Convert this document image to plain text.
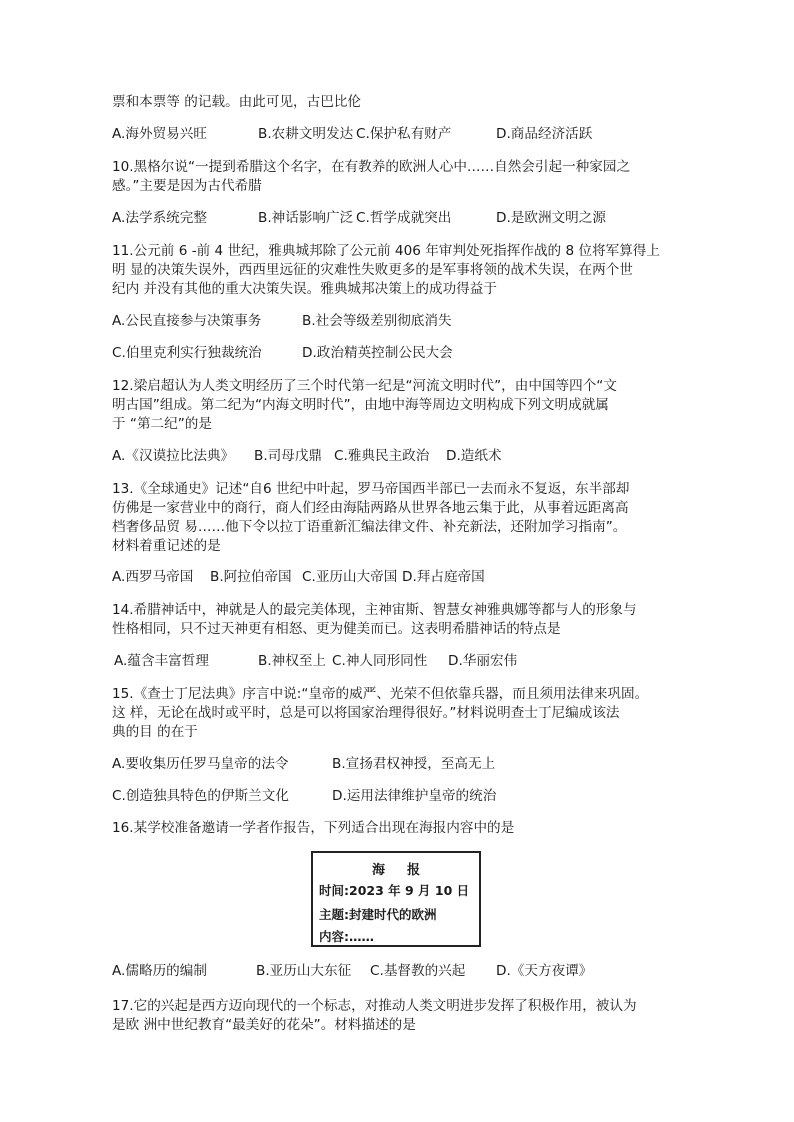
票和本票等 的记载。由此可见，古巴比伦
A.海外贸易兴旺	B.农耕文明发达 C.保护私有财产	D.商品经济活跃
10.黑格尔说“一提到希腊这个名字，在有教养的欧洲人心中……自然会引起一种家园之
感。”主要是因为古代希腊
A.法学系统完整	B.神话影响广泛 C.哲学成就突出	D.是欧洲文明之源
11.公元前 6 -前 4 世纪，雅典城邦除了公元前 406 年审判处死指挥作战的 8 位将军算得上
明 显的决策失误外，西西里远征的灾难性失败更多的是军事将领的战术失误，在两个世
纪内 并没有其他的重大决策失误。雅典城邦决策上的成功得益于
A.公民直接参与决策事务	B.社会等级差别彻底消失
C.伯里克利实行独裁统治	D.政治精英控制公民大会
12.梁启超认为人类文明经历了三个时代第一纪是“河流文明时代”，由中国等四个“文
明古国”组成。第二纪为“内海文明时代”，由地中海等周边文明构成下列文明成就属
于 “第二纪”的是
A.《汉谟拉比法典》 B.司母戊鼎 C.雅典民主政治 D.造纸术
13.《全球通史》记述“自6 世纪中叶起，罗马帝国西半部已一去而永不复返，东半部却
仿佛是一家营业中的商行，商人们经由海陆两路从世界各地云集于此，从事着远距离高
档奢侈品贸 易……他下令以拉丁语重新汇编法律文件、补充新法，还附加学习指南”。
材料着重记述的是
A.西罗马帝国 B.阿拉伯帝国 C.亚历山大帝国 D.拜占庭帝国
14.希腊神话中，神就是人的最完美体现，主神宙斯、智慧女神雅典娜等都与人的形象与
性格相同，只不过天神更有相怒、更为健美而已。这表明希腊神话的特点是
A.蕴含丰富哲理	B.神权至上 C.神人同形同性 D.华丽宏伟
15.《查士丁尼法典》序言中说:“皇帝的威严、光荣不但依靠兵器，而且须用法律来巩固。
这 样，无论在战时或平时，总是可以将国家治理得很好。”材料说明查士丁尼编成该法
典的目 的在于
A.要收集历任罗马皇帝的法令	B.宣扬君权神授，至高无上
C.创造独具特色的伊斯兰文化	D.运用法律维护皇帝的统治
16.某学校准备邀请一学者作报告，下列适合出现在海报内容中的是
海报
时间:2023 年 9 月 10 日
主题:封建时代的欧洲
内容:……
A.儒略历的编制	B.亚历山大东征 C.基督教的兴起 D.《天方夜谭》
17.它的兴起是西方迈向现代的一个标志，对推动人类文明进步发挥了积极作用，被认为
是欧 洲中世纪教育“最美好的花朵”。材料描述的是
